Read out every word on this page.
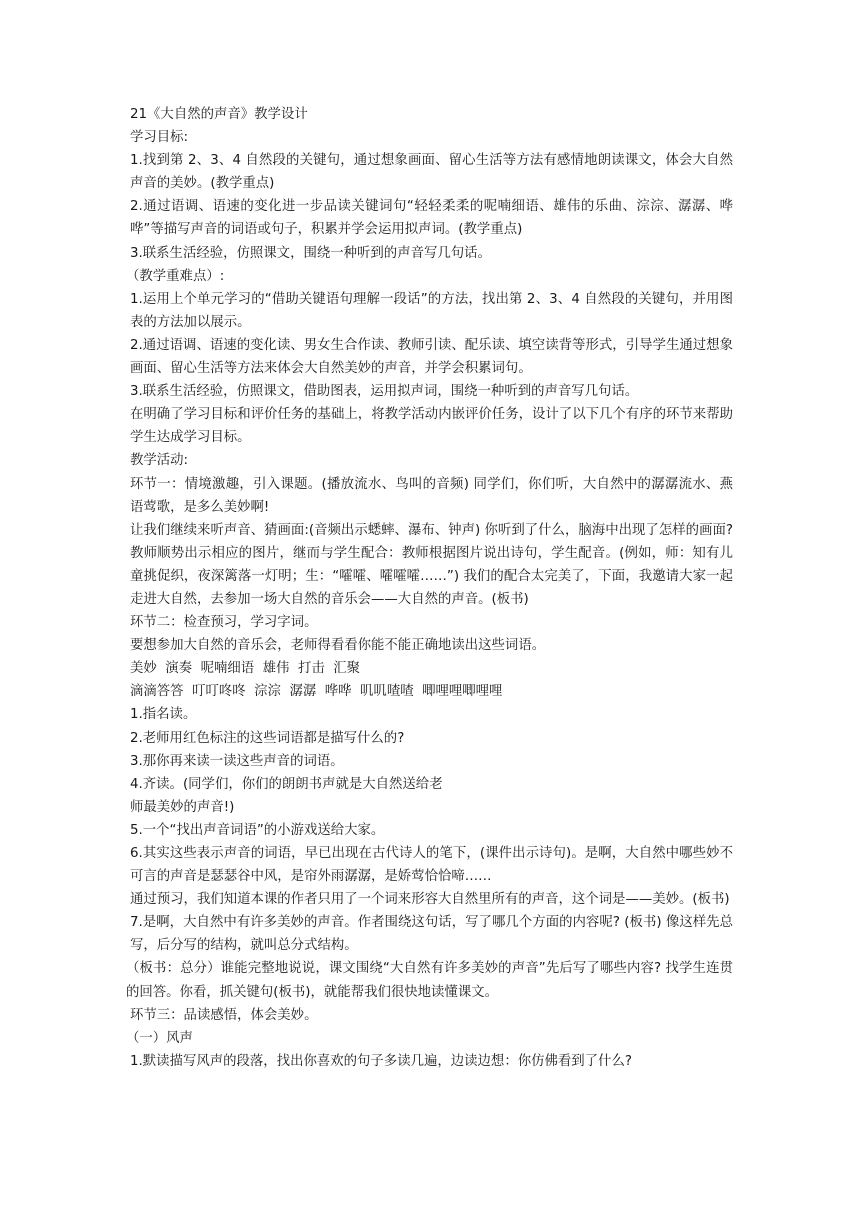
21《大自然的声音》教学设计

学习目标:

1.找到第 2、3、4 自然段的关键句，通过想象画面、留心生活等方法有感情地朗读课文，体会大自然声音的美妙。(教学重点)

2.通过语调、语速的变化进一步品读关键词句“轻轻柔柔的呢喃细语、雄伟的乐曲、淙淙、潺潺、哗哗”等描写声音的词语或句子，积累并学会运用拟声词。(教学重点)

3.联系生活经验，仿照课文，围绕一种听到的声音写几句话。

（教学重难点）:

1.运用上个单元学习的“借助关键语句理解一段话”的方法，找出第 2、3、4 自然段的关键句，并用图表的方法加以展示。

2.通过语调、语速的变化读、男女生合作读、教师引读、配乐读、填空读背等形式，引导学生通过想象画面、留心生活等方法来体会大自然美妙的声音，并学会积累词句。

3.联系生活经验，仿照课文，借助图表，运用拟声词，围绕一种听到的声音写几句话。

在明确了学习目标和评价任务的基础上，将教学活动内嵌评价任务，设计了以下几个有序的环节来帮助学生达成学习目标。

教学活动:

环节一：情境激趣，引入课题。(播放流水、鸟叫的音频) 同学们，你们听，大自然中的潺潺流水、燕语莺歌，是多么美妙啊!

让我们继续来听声音、猜画面:(音频出示蟋蟀、瀑布、钟声) 你听到了什么，脑海中出现了怎样的画面? 教师顺势出示相应的图片，继而与学生配合：教师根据图片说出诗句，学生配音。(例如，师：知有儿童挑促织，夜深篱落一灯明；生：“嚯嚯、嚯嚯嚯……”) 我们的配合太完美了，下面，我邀请大家一起走进大自然，去参加一场大自然的音乐会——大自然的声音。(板书)

环节二：检查预习，学习字词。

要想参加大自然的音乐会，老师得看看你能不能正确地读出这些词语。

美妙  演奏  呢喃细语  雄伟  打击  汇聚

滴滴答答  叮叮咚咚  淙淙  潺潺  哗哗  叽叽喳喳  唧哩哩唧哩哩

1.指名读。

2.老师用红色标注的这些词语都是描写什么的?

3.那你再来读一读这些声音的词语。

4.齐读。(同学们，你们的朗朗书声就是大自然送给老

师最美妙的声音!)

5.一个“找出声音词语”的小游戏送给大家。

6.其实这些表示声音的词语，早已出现在古代诗人的笔下，(课件出示诗句)。是啊，大自然中哪些妙不可言的声音是瑟瑟谷中风，是帘外雨潺潺，是娇莺恰恰啼……

通过预习，我们知道本课的作者只用了一个词来形容大自然里所有的声音，这个词是——美妙。(板书)

7.是啊，大自然中有许多美妙的声音。作者围绕这句话，写了哪几个方面的内容呢? (板书) 像这样先总写，后分写的结构，就叫总分式结构。

（板书：总分）谁能完整地说说，课文围绕“大自然有许多美妙的声音”先后写了哪些内容? 找学生连贯的回答。你看，抓关键句(板书)，就能帮我们很快地读懂课文。

环节三：品读感悟，体会美妙。

（一）风声

1.默读描写风声的段落，找出你喜欢的句子多读几遍，边读边想：你仿佛看到了什么?
